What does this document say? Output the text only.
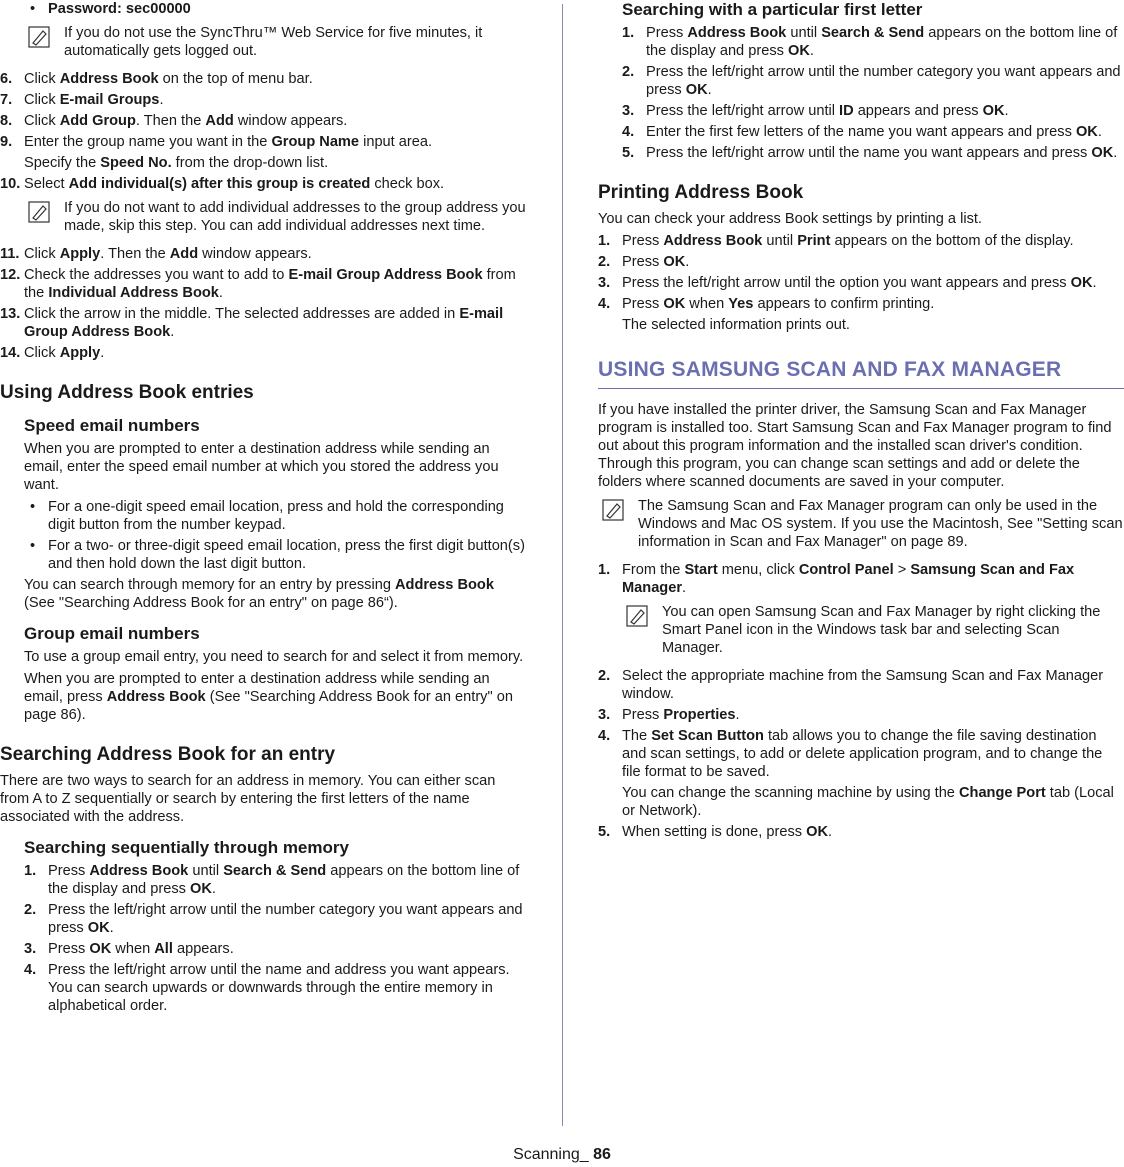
• Password: sec00000

If you do not use the SyncThru™ Web Service for five minutes, it automatically gets logged out.

6. Click Address Book on the top of menu bar.

7. Click E-mail Groups.

8. Click Add Group. Then the Add window appears.

9. Enter the group name you want in the Group Name input area.

Specify the Speed No. from the drop-down list.

10. Select Add individual(s) after this group is created check box.

If you do not want to add individual addresses to the group address you made, skip this step. You can add individual addresses next time.

11. Click Apply. Then the Add window appears.

12. Check the addresses you want to add to E-mail Group Address Book from the Individual Address Book.

13. Click the arrow in the middle. The selected addresses are added in E-mail Group Address Book.

14. Click Apply.

Using Address Book entries
Speed email numbers

When you are prompted to enter a destination address while sending an email, enter the speed email number at which you stored the address you want.

• For a one-digit speed email location, press and hold the corresponding digit button from the number keypad.
• For a two- or three-digit speed email location, press the first digit button(s) and then hold down the last digit button.

You can search through memory for an entry by pressing Address Book (See "Searching Address Book for an entry" on page 86“).

Group email numbers

To use a group email entry, you need to search for and select it from memory.

When you are prompted to enter a destination address while sending an email, press Address Book (See "Searching Address Book for an entry" on page 86).

Searching Address Book for an entry

There are two ways to search for an address in memory. You can either scan from A to Z sequentially or search by entering the first letters of the name associated with the address.

Searching sequentially through memory
1. Press Address Book until Search & Send appears on the bottom line of the display and press OK.

2. Press the left/right arrow until the number category you want appears and press OK.

3. Press OK when All appears.

4. Press the left/right arrow until the name and address you want appears. You can search upwards or downwards through the entire memory in alphabetical order.

Searching with a particular first letter
1. Press Address Book until Search & Send appears on the bottom line of the display and press OK.

2. Press the left/right arrow until the number category you want appears and press OK.

3. Press the left/right arrow until ID appears and press OK.

4. Enter the first few letters of the name you want appears and press OK.

5. Press the left/right arrow until the name you want appears and press OK.

Printing Address Book

You can check your address Book settings by printing a list.

1. Press Address Book until Print appears on the bottom of the display.

2. Press OK.

3. Press the left/right arrow until the option you want appears and press OK.

4. Press OK when Yes appears to confirm printing.

The selected information prints out.

USING SAMSUNG SCAN AND FAX MANAGER

If you have installed the printer driver, the Samsung Scan and Fax Manager program is installed too. Start Samsung Scan and Fax Manager program to find out about this program information and the installed scan driver's condition. Through this program, you can change scan settings and add or delete the folders where scanned documents are saved in your computer.

The Samsung Scan and Fax Manager program can only be used in the Windows and Mac OS system. If you use the Macintosh, See "Setting scan information in Scan and Fax Manager" on page 89.

1. From the Start menu, click Control Panel > Samsung Scan and Fax Manager.

You can open Samsung Scan and Fax Manager by right clicking the Smart Panel icon in the Windows task bar and selecting Scan Manager.

2. Select the appropriate machine from the Samsung Scan and Fax Manager window.

3. Press Properties.

4. The Set Scan Button tab allows you to change the file saving destination and scan settings, to add or delete application program, and to change the file format to be saved.

You can change the scanning machine by using the Change Port tab (Local or Network).

5. When setting is done, press OK.

Scanning_ 86
